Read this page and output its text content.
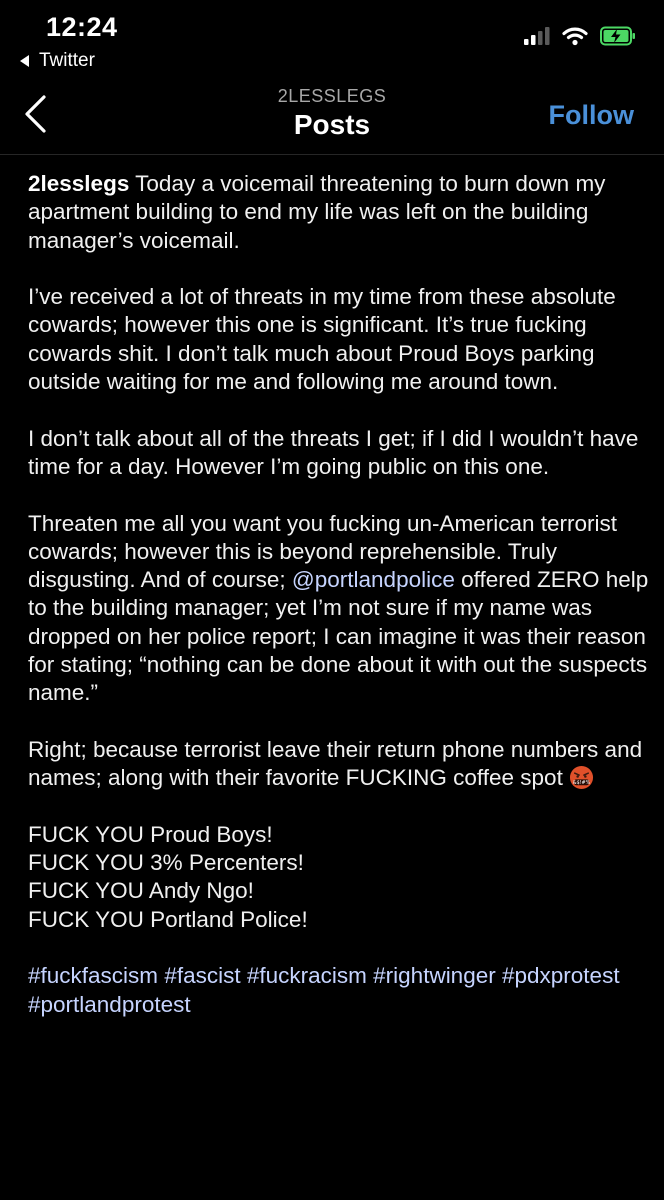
12:24
Twitter
2LESSLEGS
Posts	Follow

2lesslegs Today a voicemail threatening to burn down my apartment building to end my life was left on the building manager’s voicemail.

I’ve received a lot of threats in my time from these absolute cowards; however this one is significant. It’s true fucking cowards shit. I don’t talk much about Proud Boys parking outside waiting for me and following me around town.

I don’t talk about all of the threats I get; if I did I wouldn’t have time for a day. However I’m going public on this one.

Threaten me all you want you fucking un-American terrorist cowards; however this is beyond reprehensible. Truly disgusting. And of course; @portlandpolice offered ZERO help to the building manager; yet I’m not sure if my name was dropped on her police report; I can imagine it was their reason for stating; “nothing can be done about it with out the suspects name.”

Right; because terrorist leave their return phone numbers and names; along with their favorite FUCKING coffee spot &$!#%

FUCK YOU Proud Boys!
FUCK YOU 3% Percenters!
FUCK YOU Andy Ngo!
FUCK YOU Portland Police!

#fuckfascism #fascist #fuckracism #rightwinger #pdxprotest #portlandprotest
